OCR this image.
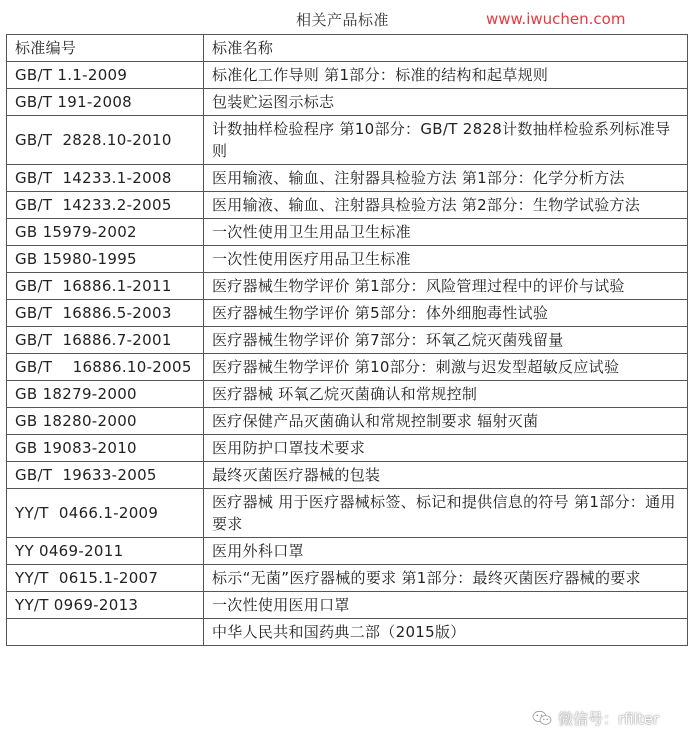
相关产品标准	www.iwuchen.com
标准编号	标准名称
GB/T 1.1-2009	标准化工作导则 第1部分：标准的结构和起草规则
GB/T 191-2008	包装贮运图示标志
GB/T  2828.10-2010	计数抽样检验程序 第10部分：GB/T 2828计数抽样检验系列标准导则
GB/T  14233.1-2008	医用输液、输血、注射器具检验方法 第1部分：化学分析方法
GB/T  14233.2-2005	医用输液、输血、注射器具检验方法 第2部分：生物学试验方法
GB 15979-2002	一次性使用卫生用品卫生标准
GB 15980-1995	一次性使用医疗用品卫生标准
GB/T  16886.1-2011	医疗器械生物学评价 第1部分：风险管理过程中的评价与试验
GB/T  16886.5-2003	医疗器械生物学评价 第5部分：体外细胞毒性试验
GB/T  16886.7-2001	医疗器械生物学评价 第7部分：环氧乙烷灭菌残留量
GB/T    16886.10-2005	医疗器械生物学评价 第10部分：刺激与迟发型超敏反应试验
GB 18279-2000	医疗器械 环氧乙烷灭菌确认和常规控制
GB 18280-2000	医疗保健产品灭菌确认和常规控制要求 辐射灭菌
GB 19083-2010	医用防护口罩技术要求
GB/T  19633-2005	最终灭菌医疗器械的包装
YY/T  0466.1-2009	医疗器械 用于医疗器械标签、标记和提供信息的符号 第1部分：通用要求
YY 0469-2011	医用外科口罩
YY/T  0615.1-2007	标示“无菌”医疗器械的要求 第1部分：最终灭菌医疗器械的要求
YY/T 0969-2013	一次性使用医用口罩
	中华人民共和国药典二部（2015版）
微信号：rfilter
